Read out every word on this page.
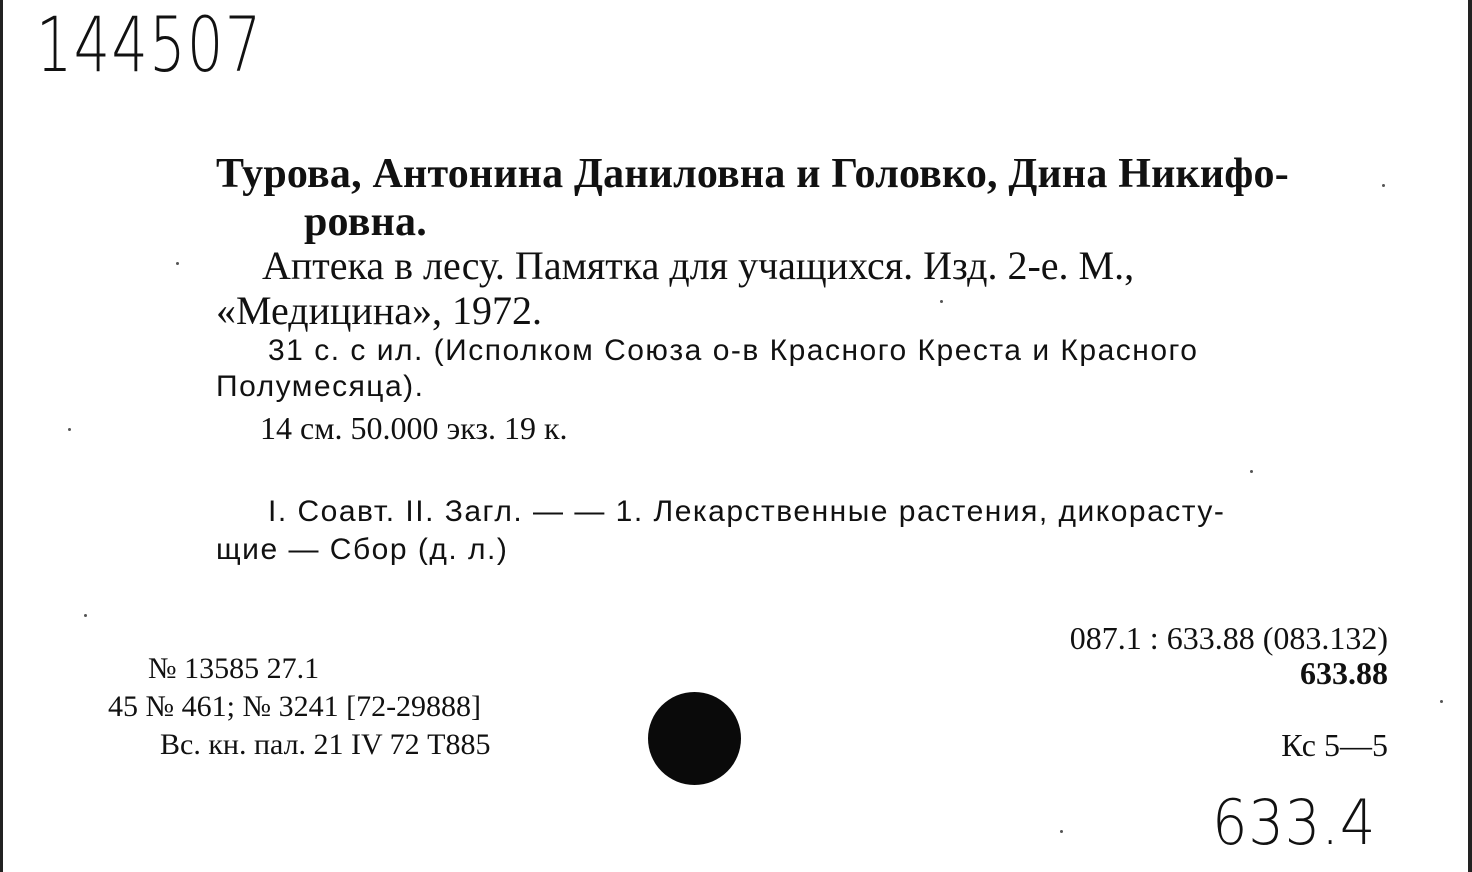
144507
Турова, Антонина Даниловна и Головко, Дина Никифо-
ровна.
Аптека в лесу. Памятка для учащихся. Изд. 2-е. М.,
«Медицина», 1972.
31 с. с ил. (Исполком Союза о-в Красного Креста и Красного
Полумесяца).
14 см. 50.000 экз. 19 к.
I. Соавт. II. Загл. — — 1. Лекарственные растения, дикорасту-
щие — Сбор (д. л.)
087.1 : 633.88 (083.132)
633.88
Кс 5—5
№ 13585 27.1
45 № 461; № 3241 [72-29888]
Вс. кн. пал. 21 IV 72 Т885
633.4
